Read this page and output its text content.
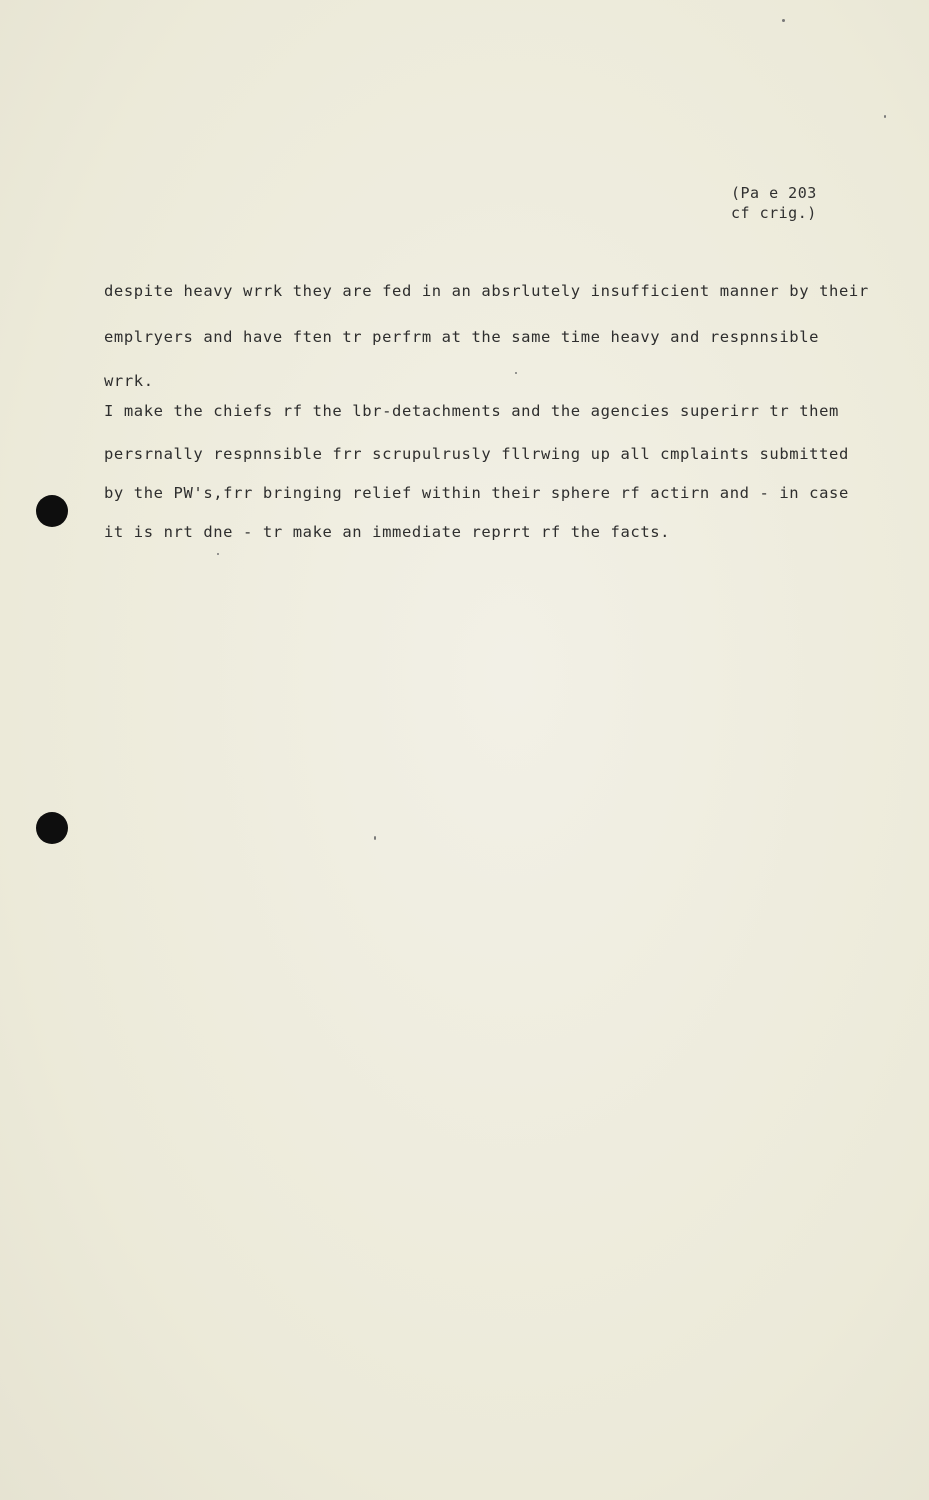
(Pa e 203
cf crig.)
despite heavy wrrk they are fed in an absrlutely insufficient manner by their
emplryers and have ften tr perfrm at the same time heavy and respnnsible
wrrk.
I make the chiefs rf the lbr-detachments and the agencies superirr tr them
persrnally respnnsible frr scrupulrusly fllrwing up all cmplaints submitted
by the PW's,frr bringing relief within their sphere rf actirn and - in case
it is nrt dne - tr make an immediate reprrt rf the facts.
